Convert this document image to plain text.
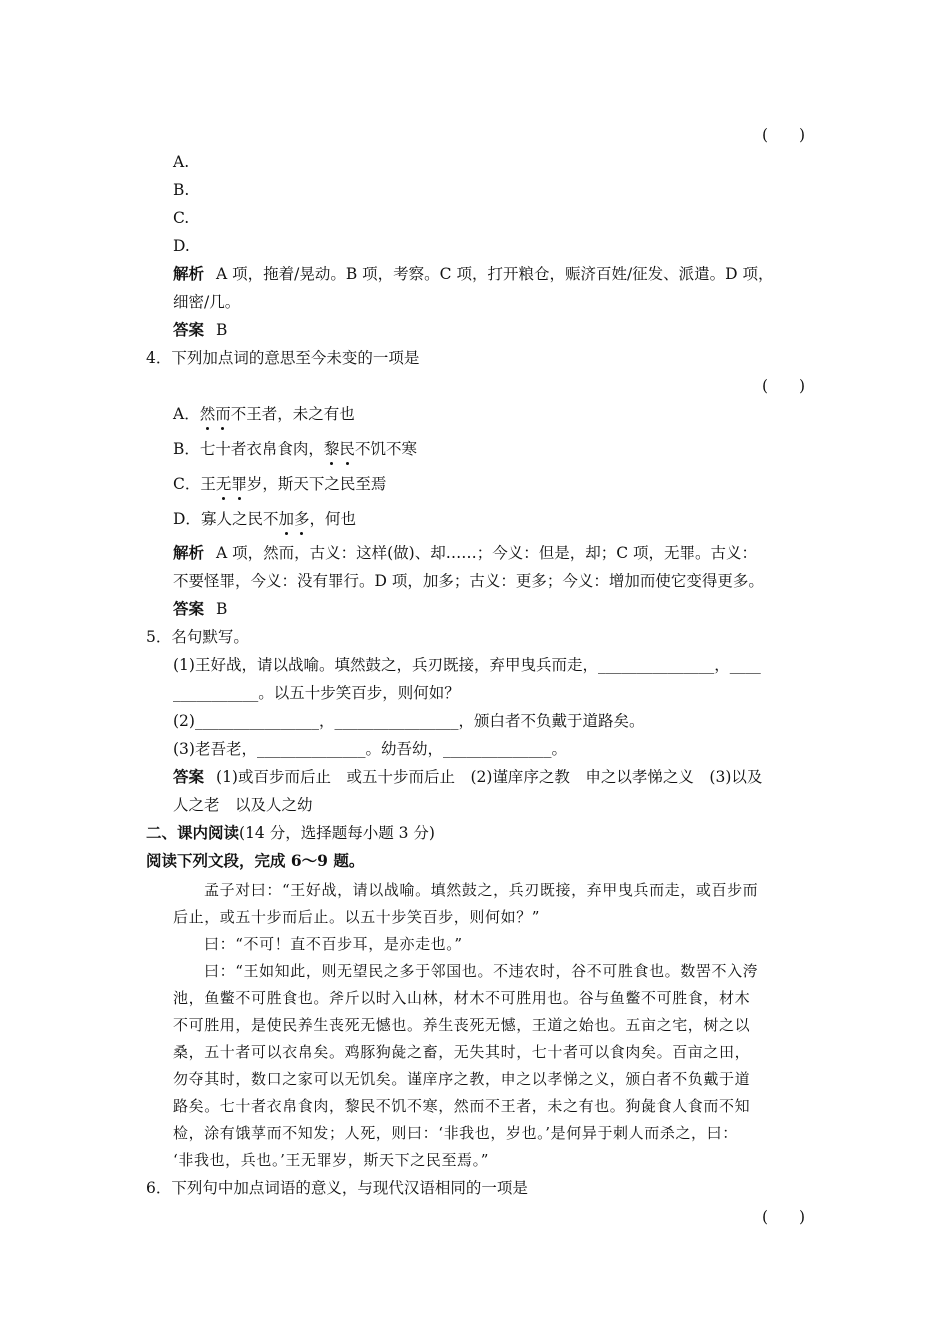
(　　)
A.
B.
C.
D.
解析 A 项，拖着/晃动。B 项，考察。C 项，打开粮仓，赈济百姓/征发、派遣。D 项，
细密/几。
答案 B
4．下列加点词的意思至今未变的一项是
(　　)
A．然而不王者，未之有也
B．七十者衣帛食肉，黎民不饥不寒
C．王无罪岁，斯天下之民至焉
D．寡人之民不加多，何也
解析 A 项，然而，古义：这样(做)、却……；今义：但是，却；C 项，无罪。古义：
不要怪罪，今义：没有罪行。D 项，加多；古义：更多；今义：增加而使它变得更多。
答案 B
5．名句默写。
(1)王好战，请以战喻。填然鼓之，兵刃既接，弃甲曳兵而走，_______________，____
___________。以五十步笑百步，则何如？
(2)________________，________________，颁白者不负戴于道路矣。
(3)老吾老，______________。幼吾幼，______________。
答案 (1)或百步而后止　或五十步而后止　(2)谨庠序之教　申之以孝悌之义　(3)以及
人之老　以及人之幼
二、课内阅读(14 分，选择题每小题 3 分)
阅读下列文段，完成 6～9 题。
孟子对曰：“王好战，请以战喻。填然鼓之，兵刃既接，弃甲曳兵而走，或百步而
后止，或五十步而后止。以五十步笑百步，则何如？”
曰：“不可！直不百步耳，是亦走也。”
曰：“王如知此，则无望民之多于邻国也。不违农时，谷不可胜食也。数罟不入洿
池，鱼鳖不可胜食也。斧斤以时入山林，材木不可胜用也。谷与鱼鳖不可胜食，材木
不可胜用，是使民养生丧死无憾也。养生丧死无憾，王道之始也。五亩之宅，树之以
桑，五十者可以衣帛矣。鸡豚狗彘之畜，无失其时，七十者可以食肉矣。百亩之田，
勿夺其时，数口之家可以无饥矣。谨庠序之教，申之以孝悌之义，颁白者不负戴于道
路矣。七十者衣帛食肉，黎民不饥不寒，然而不王者，未之有也。狗彘食人食而不知
检，涂有饿莩而不知发；人死，则曰：‘非我也，岁也。’是何异于刺人而杀之，曰：
‘非我也，兵也。’王无罪岁，斯天下之民至焉。”
6．下列句中加点词语的意义，与现代汉语相同的一项是
(　　)
